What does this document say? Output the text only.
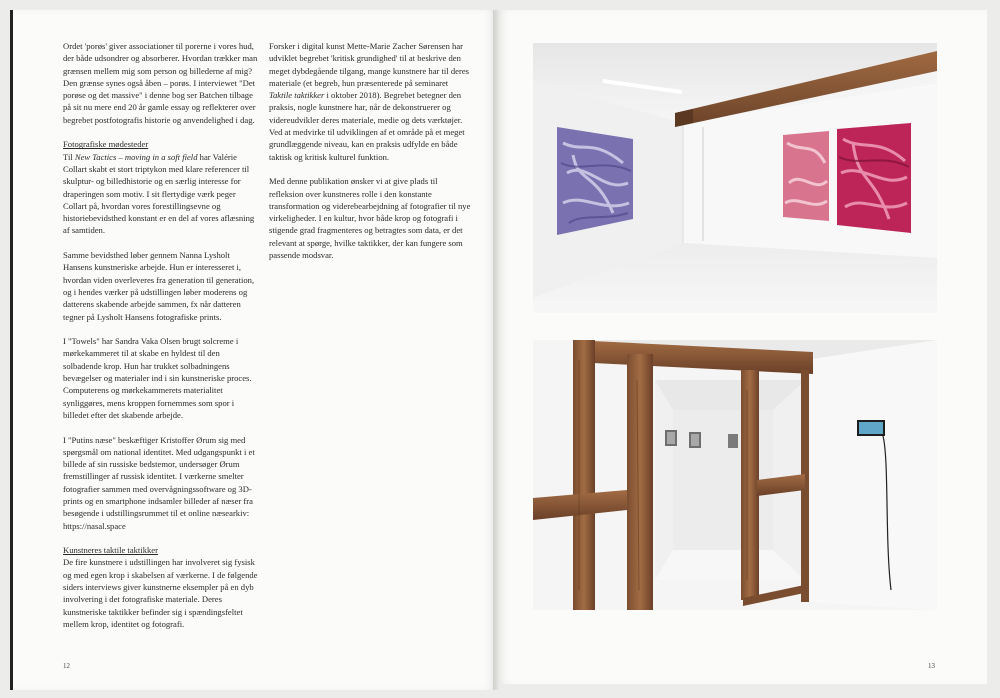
Ordet 'porøs' giver associationer til porerne i vores hud, der både udsondrer og absorberer. Hvordan trækker man grænsen mellem mig som person og billederne af mig? Den grænse synes også åben – porøs. I interviewet "Det porøse og det massive" i denne bog ser Batchen tilbage på sit nu mere end 20 år gamle essay og reflekterer over begrebet postfotografis historie og anvendelighed i dag.

Fotografiske mødesteder
Til New Tactics – moving in a soft field har Valérie Collart skabt et stort triptykon med klare referencer til skulptur- og billedhistorie og en særlig interesse for draperingen som motiv. I sit flertydige værk peger Collart på, hvordan vores forestillingsevne og historiebevidsthed konstant er en del af vores aflæsning af samtiden.

Samme bevidsthed løber gennem Nanna Lysholt Hansens kunstneriske arbejde. Hun er interesseret i, hvordan viden overleveres fra generation til generation, og i hendes værker på udstillingen løber moderens og datterens skabende arbejde sammen, fx når datteren tegner på Lysholt Hansens fotografiske prints.

I "Towels" har Sandra Vaka Olsen brugt solcreme i mørkekammeret til at skabe en hyldest til den solbadende krop. Hun har trukket solbadningens bevægelser og materialer ind i sin kunstneriske proces. Computerens og mørkekammerets materialitet synliggøres, mens kroppen fornemmes som spor i billedet efter det skabende arbejde.

I "Putins næse" beskæftiger Kristoffer Ørum sig med spørgsmål om national identitet. Med udgangspunkt i et billede af sin russiske bedstemor, undersøger Ørum fremstillinger af russisk identitet. I værkerne smelter fotografier sammen med overvågningssoftware og 3D-prints og en smartphone indsamler billeder af næser fra besøgende i udstillingsrummet til et online næsearkiv: https://nasal.space

Kunstneres taktile taktikker
De fire kunstnere i udstillingen har involveret sig fysisk og med egen krop i skabelsen af værkerne. I de følgende siders interviews giver kunstnerne eksempler på en dyb involvering i det fotografiske materiale. Deres kunstneriske taktikker befinder sig i spændingsfeltet mellem krop, identitet og fotografi.

Forsker i digital kunst Mette-Marie Zacher Sørensen har udviklet begrebet 'kritisk grundighed' til at beskrive den meget dybdegående tilgang, mange kunstnere har til deres materiale (et begreb, hun præsenterede på seminaret Taktile taktikker i oktober 2018). Begrebet betegner den praksis, nogle kunstnere har, når de dekonstruerer og videreudvikler deres materiale, medie og dets værktøjer. Ved at medvirke til udviklingen af et område på et meget grundlæggende niveau, kan en praksis udfylde en både taktisk og kritisk kulturel funktion.

Med denne publikation ønsker vi at give plads til refleksion over kunstneres rolle i den konstante transformation og viderebearbejdning af fotografier til nye virkeligheder. I en kultur, hvor både krop og fotografi i stigende grad fragmenteres og betragtes som data, er det relevant at spørge, hvilke taktikker, der kan fungere som passende modsvar.

12	13
